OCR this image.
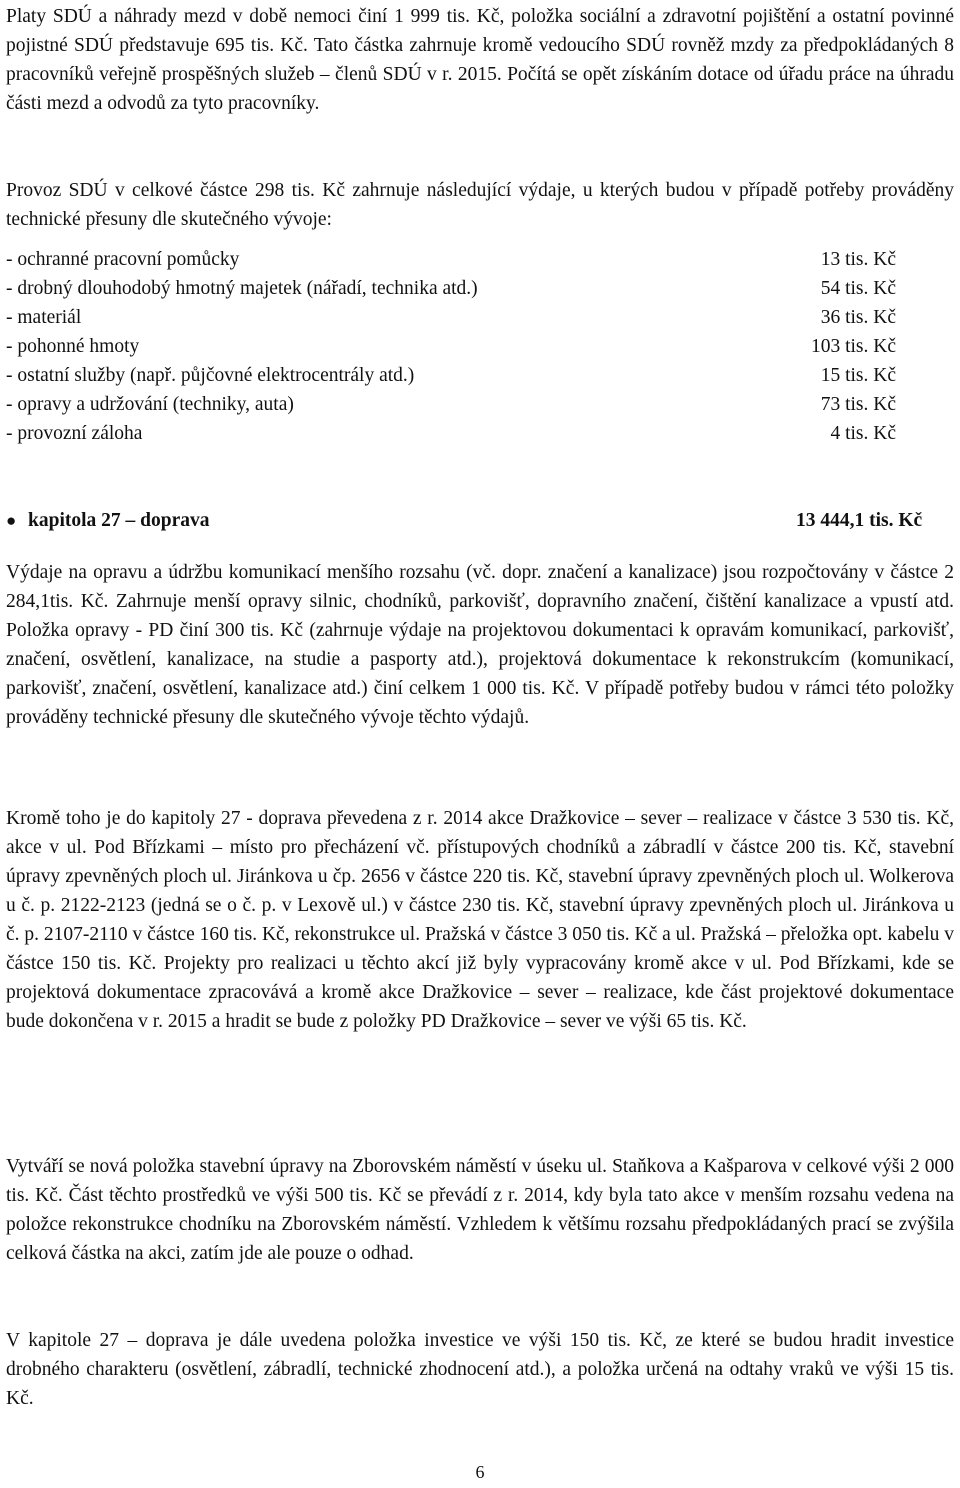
Platy SDÚ a náhrady mezd v době nemoci činí 1 999 tis. Kč, položka sociální a zdravotní pojištění a ostatní povinné pojistné SDÚ představuje 695 tis. Kč. Tato částka zahrnuje kromě vedoucího SDÚ rovněž mzdy za předpokládaných 8 pracovníků veřejně prospěšných služeb – členů SDÚ v r. 2015. Počítá se opět získáním dotace od úřadu práce na úhradu části mezd a odvodů za tyto pracovníky.

Provoz SDÚ v celkové částce 298 tis. Kč zahrnuje následující výdaje, u kterých budou v případě potřeby prováděny technické přesuny dle skutečného vývoje:

- ochranné pracovní pomůcky	13 tis. Kč
- drobný dlouhodobý hmotný majetek (nářadí, technika atd.)	54 tis. Kč
- materiál	36 tis. Kč
- pohonné hmoty	103 tis. Kč
- ostatní služby (např. půjčovné elektrocentrály atd.)	15 tis. Kč
- opravy a udržování (techniky, auta)	73 tis. Kč
- provozní záloha	4 tis. Kč
● kapitola 27 – doprava	13 444,1 tis. Kč

Výdaje na opravu a údržbu komunikací menšího rozsahu (vč. dopr. značení a kanalizace) jsou rozpočtovány v částce 2 284,1tis. Kč. Zahrnuje menší opravy silnic, chodníků, parkovišť, dopravního značení, čištění kanalizace a vpustí atd. Položka opravy - PD činí 300 tis. Kč (zahrnuje výdaje na projektovou dokumentaci k opravám komunikací, parkovišť, značení, osvětlení, kanalizace, na studie a pasporty atd.), projektová dokumentace k rekonstrukcím (komunikací, parkovišť, značení, osvětlení, kanalizace atd.) činí celkem 1 000 tis. Kč. V případě potřeby budou v rámci této položky prováděny technické přesuny dle skutečného vývoje těchto výdajů.

Kromě toho je do kapitoly 27 - doprava převedena z r. 2014 akce Dražkovice – sever – realizace v částce 3 530 tis. Kč, akce v ul. Pod Břízkami – místo pro přecházení vč. přístupových chodníků a zábradlí v částce 200 tis. Kč, stavební úpravy zpevněných ploch ul. Jiránkova u čp. 2656 v částce 220 tis. Kč, stavební úpravy zpevněných ploch ul. Wolkerova u č. p. 2122-2123 (jedná se o č. p. v Lexově ul.) v částce 230 tis. Kč, stavební úpravy zpevněných ploch ul. Jiránkova u č. p. 2107-2110 v částce 160 tis. Kč, rekonstrukce ul. Pražská v částce 3 050 tis. Kč a ul. Pražská – přeložka opt. kabelu v částce 150 tis. Kč. Projekty pro realizaci u těchto akcí již byly vypracovány kromě akce v ul. Pod Břízkami, kde se projektová dokumentace zpracovává a kromě akce Dražkovice – sever – realizace, kde část projektové dokumentace bude dokončena v r. 2015 a hradit se bude z položky PD Dražkovice – sever ve výši 65 tis. Kč.

Vytváří se nová položka stavební úpravy na Zborovském náměstí v úseku ul. Staňkova a Kašparova v celkové výši 2 000 tis. Kč. Část těchto prostředků ve výši 500 tis. Kč se převádí z r. 2014, kdy byla tato akce v menším rozsahu vedena na položce rekonstrukce chodníku na Zborovském náměstí. Vzhledem k většímu rozsahu předpokládaných prací se zvýšila celková částka na akci, zatím jde ale pouze o odhad.

V kapitole 27 – doprava je dále uvedena položka investice ve výši 150 tis. Kč, ze které se budou hradit investice drobného charakteru (osvětlení, zábradlí, technické zhodnocení atd.), a položka určená na odtahy vraků ve výši 15 tis. Kč.

6
